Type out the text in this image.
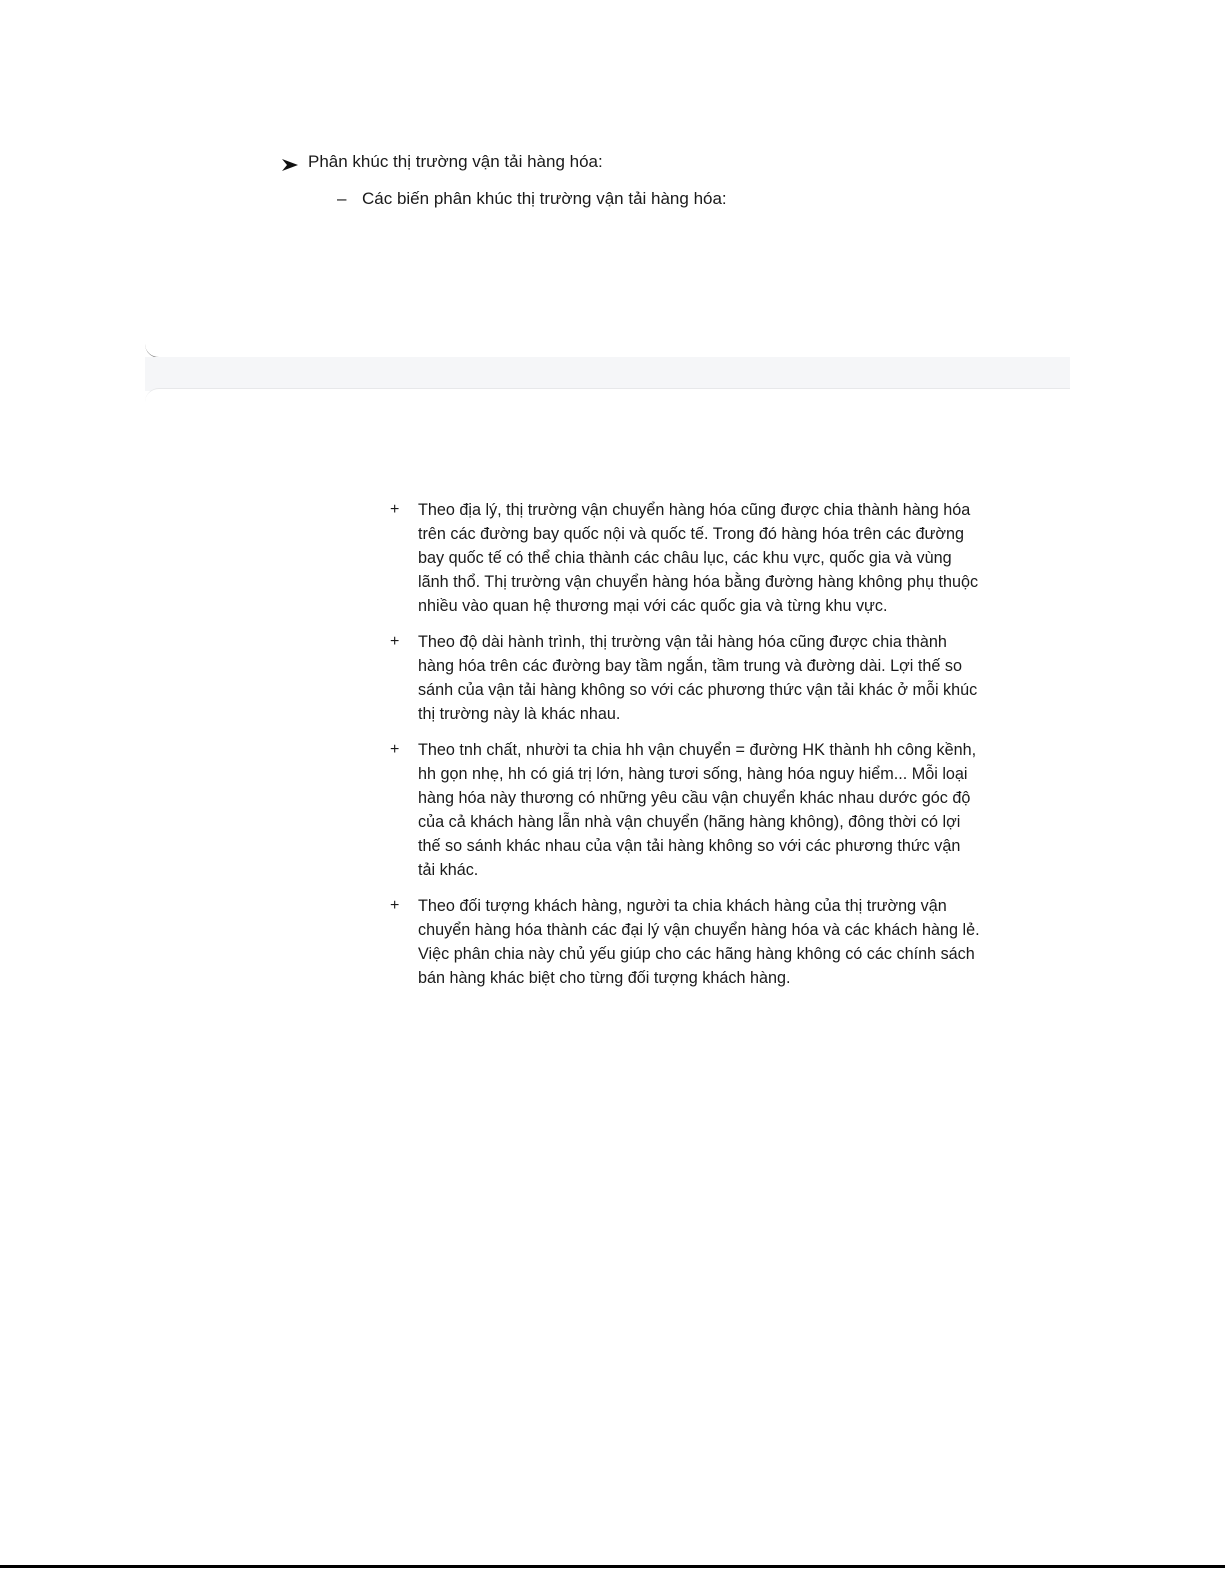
Phân khúc thị trường vận tải hàng hóa:
– Các biến phân khúc thị trường vận tải hàng hóa:
+	Theo địa lý, thị trường vận chuyển hàng hóa cũng được chia thành hàng hóa trên các đường bay quốc nội và quốc tế. Trong đó hàng hóa trên các đường bay quốc tế có thể chia thành các châu lục, các khu vực, quốc gia và vùng lãnh thổ. Thị trường vận chuyển hàng hóa bằng đường hàng không phụ thuộc nhiều vào quan hệ thương mại với các quốc gia và từng khu vực.
+	Theo độ dài hành trình, thị trường vận tải hàng hóa cũng được chia thành hàng hóa trên các đường bay tầm ngắn, tầm trung và đường dài. Lợi thế so sánh của vận tải hàng không so với các phương thức vận tải khác ở mỗi khúc thị trường này là khác nhau.
+	Theo tnh chất, nhười ta chia hh vận chuyển = đường HK thành hh công kềnh, hh gọn nhẹ, hh có giá trị lớn, hàng tươi sống, hàng hóa nguy hiểm... Mỗi loại hàng hóa này thương có những yêu cầu vận chuyển khác nhau dước góc độ của cả khách hàng lẫn nhà vận chuyển (hãng hàng không), đông thời có lợi thế so sánh khác nhau của vận tải hàng không so với các phương thức vận tải khác.
+	Theo đối tượng khách hàng, người ta chia khách hàng của thị trường vận chuyển hàng hóa thành các đại lý vận chuyển hàng hóa và các khách hàng lẻ. Việc phân chia này chủ yếu giúp cho các hãng hàng không có các chính sách bán hàng khác biệt cho từng đối tượng khách hàng.
